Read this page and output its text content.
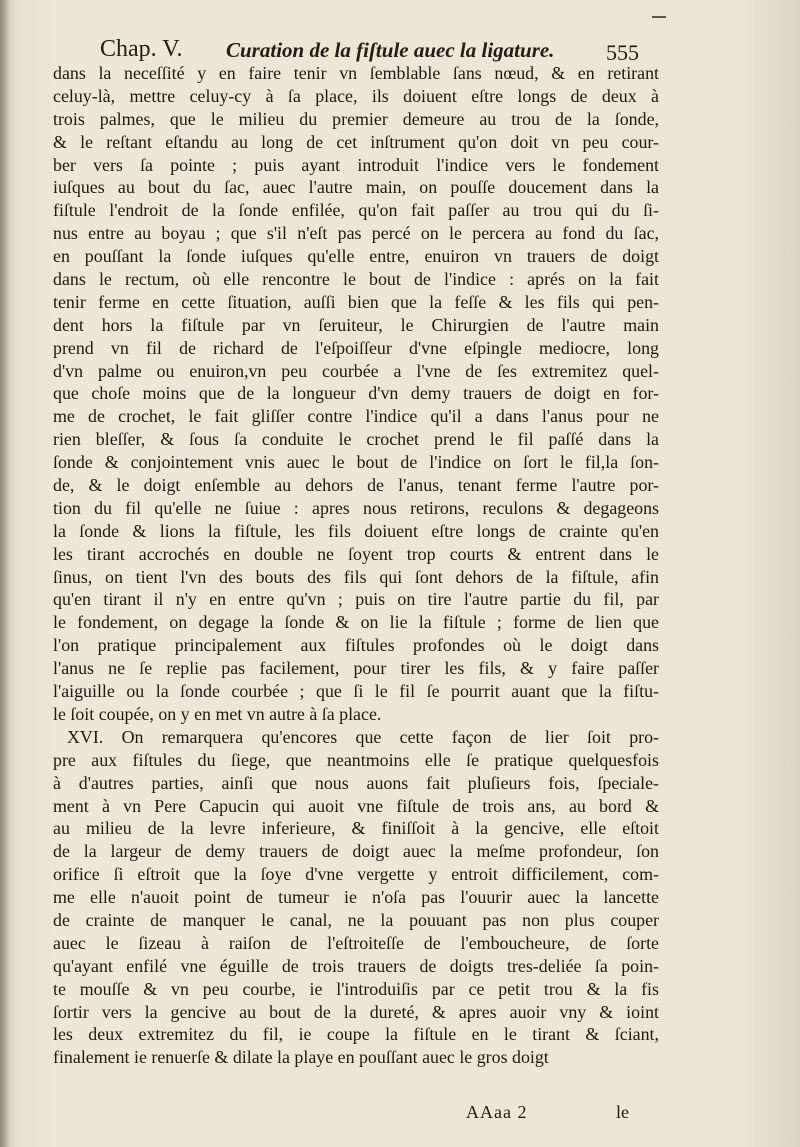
Chap. V. Curation de la fiſtule auec la ligature. 555
dans la neceſſité y en faire tenir vn ſemblable ſans nœud, & en retirant
celuy-là, mettre celuy-cy à ſa place, ils doiuent eſtre longs de deux à
trois palmes, que le milieu du premier demeure au trou de la ſonde,
& le reſtant eſtandu au long de cet inſtrument qu'on doit vn peu cour-
ber vers ſa pointe ; puis ayant introduit l'indice vers le fondement
iuſques au bout du ſac, auec l'autre main, on pouſſe doucement dans la
fiſtule l'endroit de la ſonde enfilée, qu'on fait paſſer au trou qui du ſi-
nus entre au boyau ; que s'il n'eſt pas percé on le percera au fond du ſac,
en pouſſant la ſonde iuſques qu'elle entre, enuiron vn trauers de doigt
dans le rectum, où elle rencontre le bout de l'indice : aprés on la fait
tenir ferme en cette ſituation, auſſi bien que la feſſe & les fils qui pen-
dent hors la fiſtule par vn ſeruiteur, le Chirurgien de l'autre main
prend vn fil de richard de l'eſpoiſſeur d'vne eſpingle mediocre, long
d'vn palme ou enuiron,vn peu courbée a l'vne de ſes extremitez quel-
que choſe moins que de la longueur d'vn demy trauers de doigt en for-
me de crochet, le fait gliſſer contre l'indice qu'il a dans l'anus pour ne
rien bleſſer, & ſous ſa conduite le crochet prend le fil paſſé dans la
ſonde & conjointement vnis auec le bout de l'indice on ſort le fil,la ſon-
de, & le doigt enſemble au dehors de l'anus, tenant ferme l'autre por-
tion du fil qu'elle ne ſuiue : apres nous retirons, reculons & degageons
la ſonde & lions la fiſtule, les fils doiuent eſtre longs de crainte qu'en
les tirant accrochés en double ne ſoyent trop courts & entrent dans le
ſinus, on tient l'vn des bouts des fils qui ſont dehors de la fiſtule, afin
qu'en tirant il n'y en entre qu'vn ; puis on tire l'autre partie du fil, par
le fondement, on degage la ſonde & on lie la fiſtule ; forme de lien que
l'on pratique principalement aux fiſtules profondes où le doigt dans
l'anus ne ſe replie pas facilement, pour tirer les fils, & y faire paſſer
l'aiguille ou la ſonde courbée ; que ſi le fil ſe pourrit auant que la fiſtu-
le ſoit coupée, on y en met vn autre à ſa place.
XVI. On remarquera qu'encores que cette façon de lier ſoit pro-
pre aux fiſtules du ſiege, que neantmoins elle ſe pratique quelquesfois
à d'autres parties, ainſi que nous auons fait pluſieurs fois, ſpeciale-
ment à vn Pere Capucin qui auoit vne fiſtule de trois ans, au bord &
au milieu de la levre inferieure, & finiſſoit à la gencive, elle eſtoit
de la largeur de demy trauers de doigt auec la meſme profondeur, ſon
orifice ſi eſtroit que la ſoye d'vne vergette y entroit difficilement, com-
me elle n'auoit point de tumeur ie n'oſa pas l'ouurir auec la lancette
de crainte de manquer le canal, ne la pouuant pas non plus couper
auec le ſizeau à raiſon de l'eſtroiteſſe de l'emboucheure, de ſorte
qu'ayant enfilé vne éguille de trois trauers de doigts tres-deliée ſa poin-
te mouſſe & vn peu courbe, ie l'introduiſis par ce petit trou & la fis
ſortir vers la gencive au bout de la dureté, & apres auoir vny & ioint
les deux extremitez du fil, ie coupe la fiſtule en le tirant & ſciant,
finalement ie renuerſe & dilate la playe en pouſſant auec le gros doigt
AAaa 2	le
